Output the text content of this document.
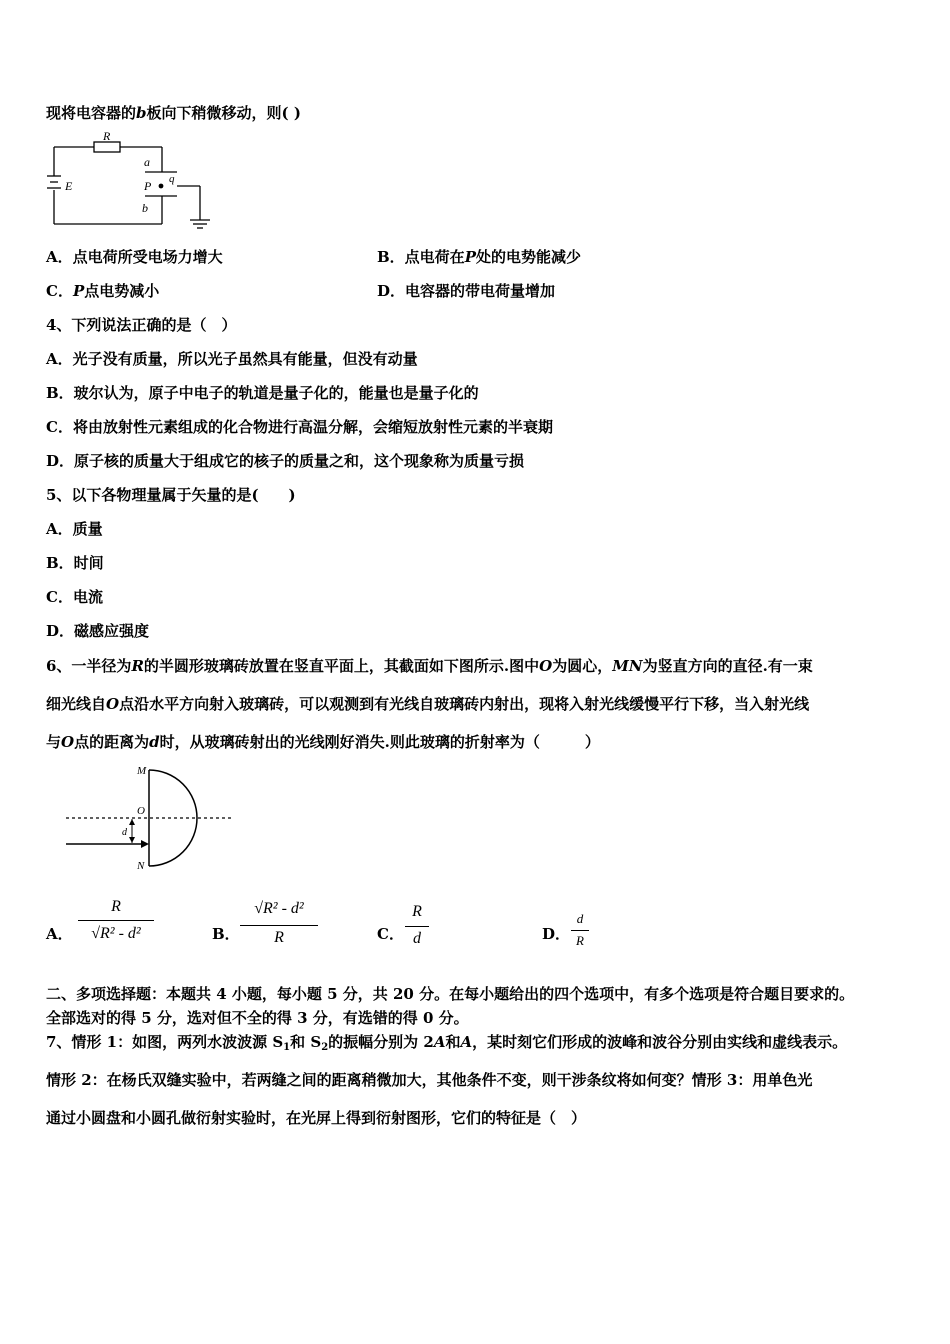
现将电容器的b板向下稍微移动，则( )
R
E
a
P q
b
A．点电荷所受电场力增大	B．点电荷在P处的电势能减少
C．P点电势减小	D．电容器的带电荷量增加
4、下列说法正确的是（　）
A．光子没有质量，所以光子虽然具有能量，但没有动量
B．玻尔认为，原子中电子的轨道是量子化的，能量也是量子化的
C．将由放射性元素组成的化合物进行高温分解，会缩短放射性元素的半衰期
D．原子核的质量大于组成它的核子的质量之和，这个现象称为质量亏损
5、以下各物理量属于矢量的是(　　)
A．质量
B．时间
C．电流
D．磁感应强度
6、一半径为R的半圆形玻璃砖放置在竖直平面上，其截面如下图所示.图中O为圆心，MN为竖直方向的直径.有一束
细光线自O点沿水平方向射入玻璃砖，可以观测到有光线自玻璃砖内射出，现将入射光线缓慢平行下移，当入射光线
与O点的距离为d时，从玻璃砖射出的光线刚好消失.则此玻璃的折射率为（　　　）
M
O
d
N
A．
R
√R² - d²	B．
√R² - d²
R	C．
R
d	D．
d
R
二、多项选择题：本题共 4 小题，每小题 5 分，共 20 分。在每小题给出的四个选项中，有多个选项是符合题目要求的。
全部选对的得 5 分，选对但不全的得 3 分，有选错的得 0 分。
7、情形 1：如图，两列水波波源 $S_1$和 $S_2$的振幅分别为 2A和A，某时刻它们形成的波峰和波谷分别由实线和虚线表示。
情形 2：在杨氏双缝实验中，若两缝之间的距离稍微加大，其他条件不变，则干涉条纹将如何变？情形 3：用单色光
通过小圆盘和小圆孔做衍射实验时，在光屏上得到衍射图形，它们的特征是（　）
